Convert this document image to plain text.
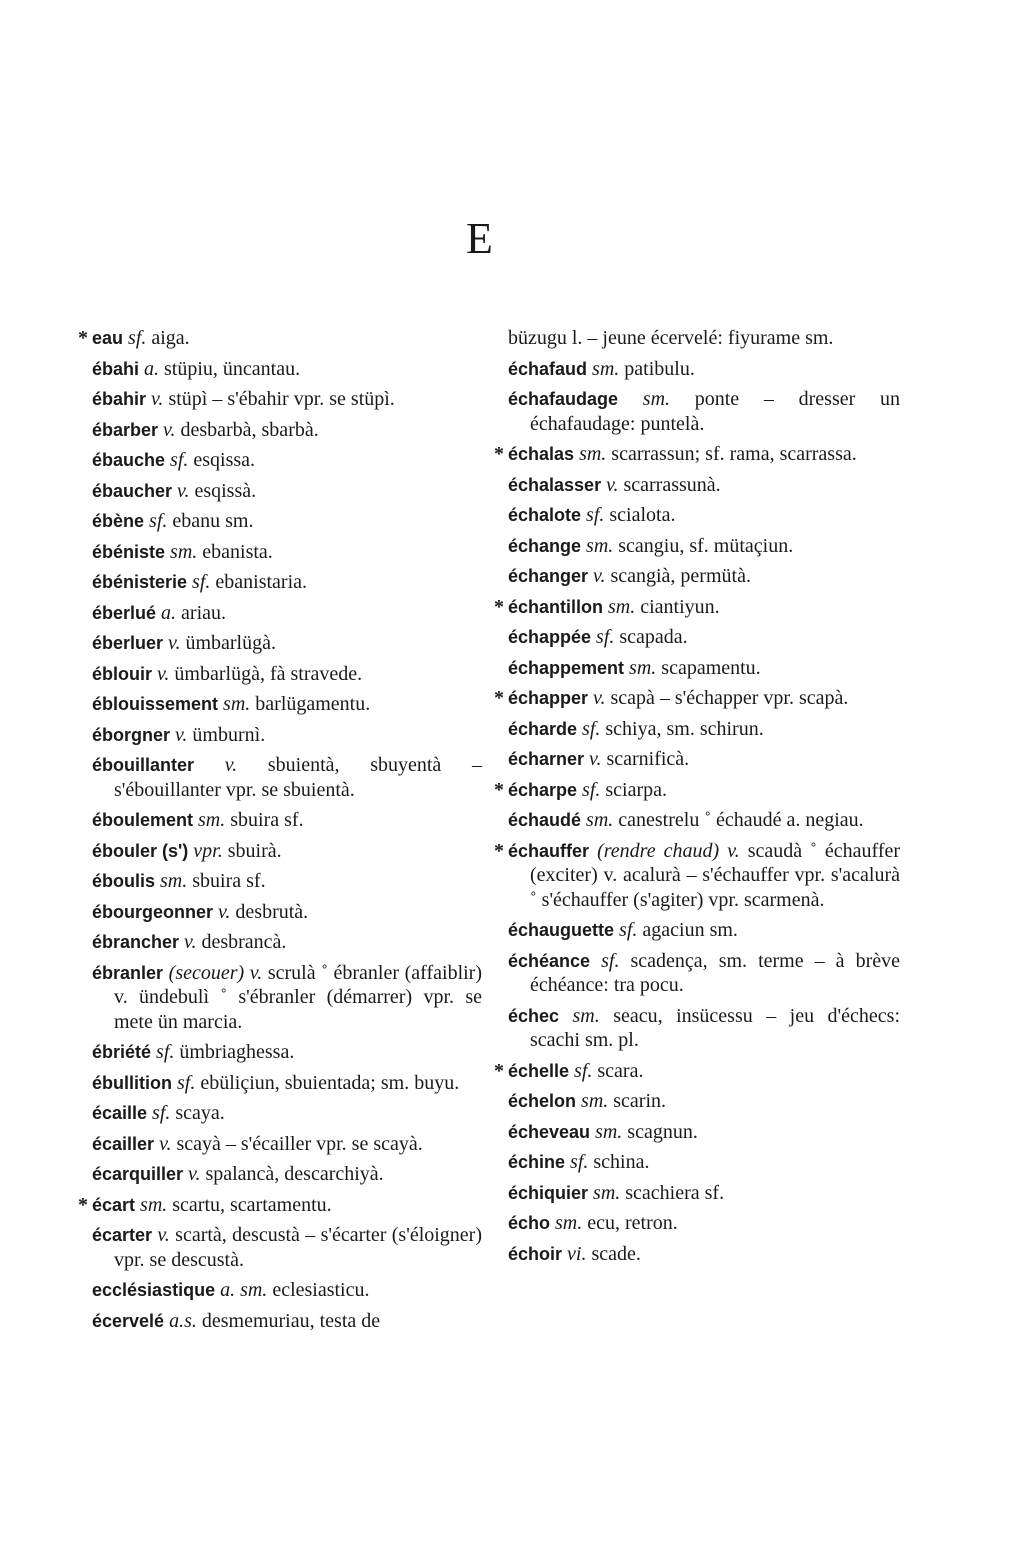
E

* eau sf. aiga.

ébahi a. stüpiu, üncantau.

ébahir v. stüpì – s'ébahir vpr. se stüpì.

ébarber v. desbarbà, sbarbà.

ébauche sf. esqissa.

ébaucher v. esqissà.

ébène sf. ebanu sm.

ébéniste sm. ebanista.

ébénisterie sf. ebanistaria.

éberlué a. ariau.

éberluer v. ümbarlügà.

éblouir v. ümbarlügà, fà stravede.

éblouissement sm. barlügamentu.

éborgner v. ümburnì.

ébouillanter v. sbuientà, sbuyentà – s'ébouillanter vpr. se sbuientà.

éboulement sm. sbuira sf.

ébouler (s') vpr. sbuirà.

éboulis sm. sbuira sf.

ébourgeonner v. desbrutà.

ébrancher v. desbrancà.

ébranler (secouer) v. scrulà ˚ ébranler (affaiblir) v. ündebulì ˚ s'ébranler (démarrer) vpr. se mete ün marcia.

ébriété sf. ümbriaghessa.

ébullition sf. ebüliçiun, sbuientada; sm. buyu.

écaille sf. scaya.

écailler v. scayà – s'écailler vpr. se scayà.

écarquiller v. spalancà, descarchiyà.

* écart sm. scartu, scartamentu.

écarter v. scartà, descustà – s'écarter (s'éloigner) vpr. se descustà.

ecclésiastique a. sm. eclesiasticu.

écervelé a.s. desmemuriau, testa de

büzugu l. – jeune écervelé: fiyurame sm.

échafaud sm. patibulu.

échafaudage sm. ponte – dresser un échafaudage: puntelà.

* échalas sm. scarrassun; sf. rama, scarrassa.

échalasser v. scarrassunà.

échalote sf. scialota.

échange sm. scangiu, sf. mütaçiun.

échanger v. scangià, permütà.

* échantillon sm. ciantiyun.

échappée sf. scapada.

échappement sm. scapamentu.

* échapper v. scapà – s'échapper vpr. scapà.

écharde sf. schiya, sm. schirun.

écharner v. scarnificà.

* écharpe sf. sciarpa.

échaudé sm. canestrelu ˚ échaudé a. negiau.

* échauffer (rendre chaud) v. scaudà ˚ échauffer (exciter) v. acalurà – s'échauffer vpr. s'acalurà ˚ s'échauffer (s'agiter) vpr. scarmenà.

échauguette sf. agaciun sm.

échéance sf. scadença, sm. terme – à brève échéance: tra pocu.

échec sm. seacu, insücessu – jeu d'échecs: scachi sm. pl.

* échelle sf. scara.

échelon sm. scarin.

écheveau sm. scagnun.

échine sf. schina.

échiquier sm. scachiera sf.

écho sm. ecu, retron.

échoir vi. scade.
